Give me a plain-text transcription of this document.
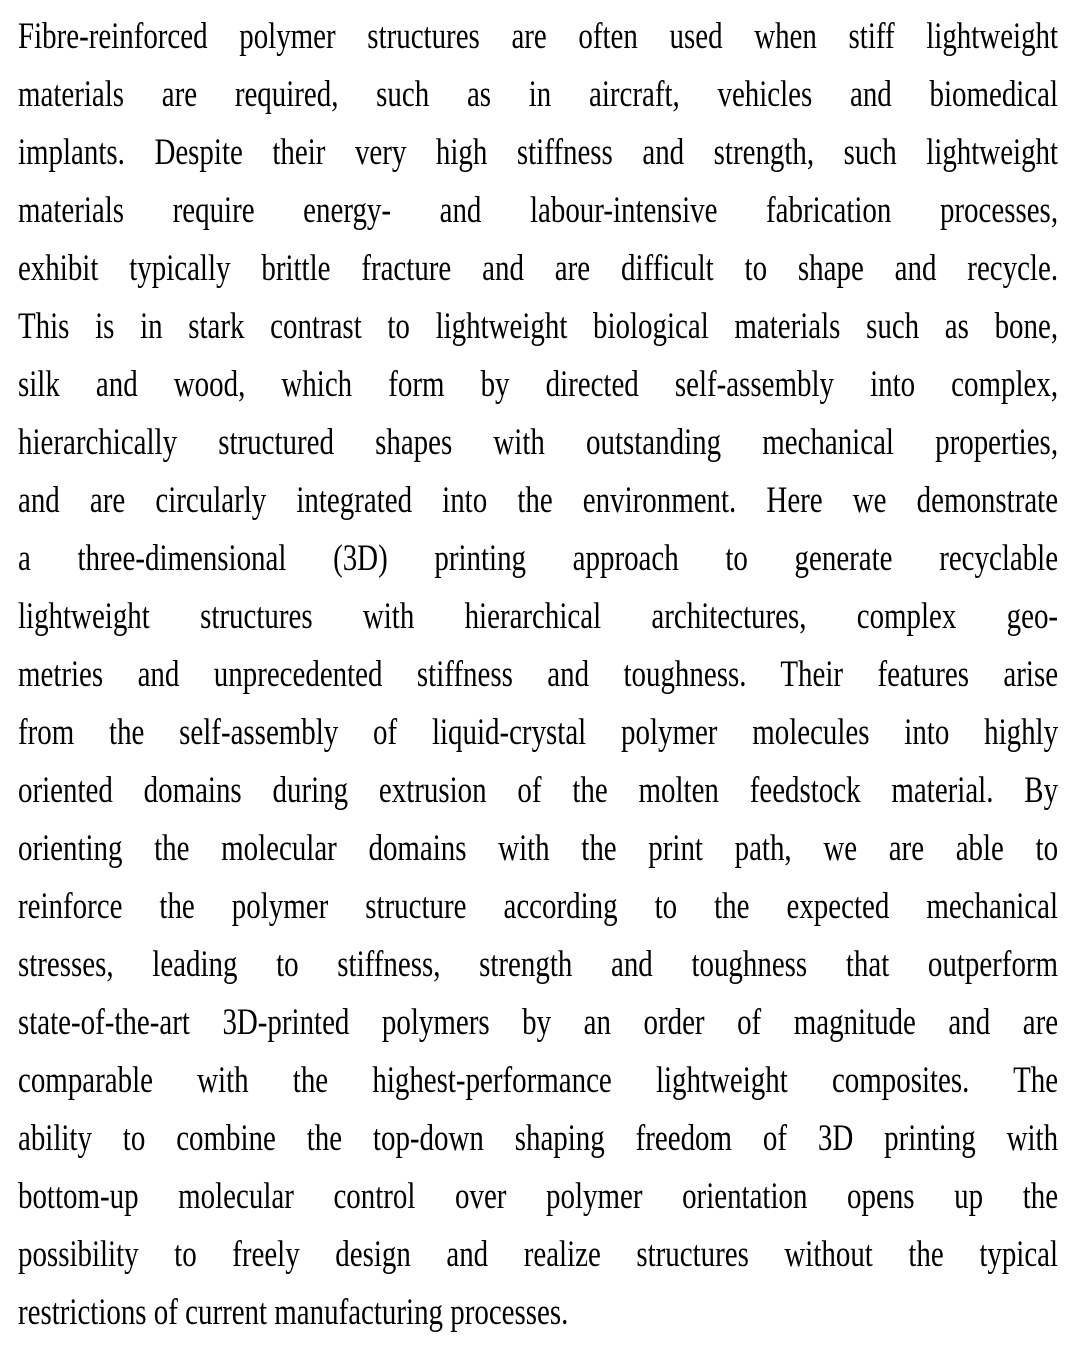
Fibre-reinforced polymer structures are often used when stiff lightweight
materials are required, such as in aircraft, vehicles and biomedical
implants. Despite their very high stiffness and strength, such lightweight
materials require energy- and labour-intensive fabrication processes,
exhibit typically brittle fracture and are difficult to shape and recycle.
This is in stark contrast to lightweight biological materials such as bone,
silk and wood, which form by directed self-assembly into complex,
hierarchically structured shapes with outstanding mechanical properties,
and are circularly integrated into the environment. Here we demonstrate
a three-dimensional (3D) printing approach to generate recyclable
lightweight structures with hierarchical architectures, complex geo-
metries and unprecedented stiffness and toughness. Their features arise
from the self-assembly of liquid-crystal polymer molecules into highly
oriented domains during extrusion of the molten feedstock material. By
orienting the molecular domains with the print path, we are able to
reinforce the polymer structure according to the expected mechanical
stresses, leading to stiffness, strength and toughness that outperform
state-of-the-art 3D-printed polymers by an order of magnitude and are
comparable with the highest-performance lightweight composites. The
ability to combine the top-down shaping freedom of 3D printing with
bottom-up molecular control over polymer orientation opens up the
possibility to freely design and realize structures without the typical
restrictions of current manufacturing processes.
